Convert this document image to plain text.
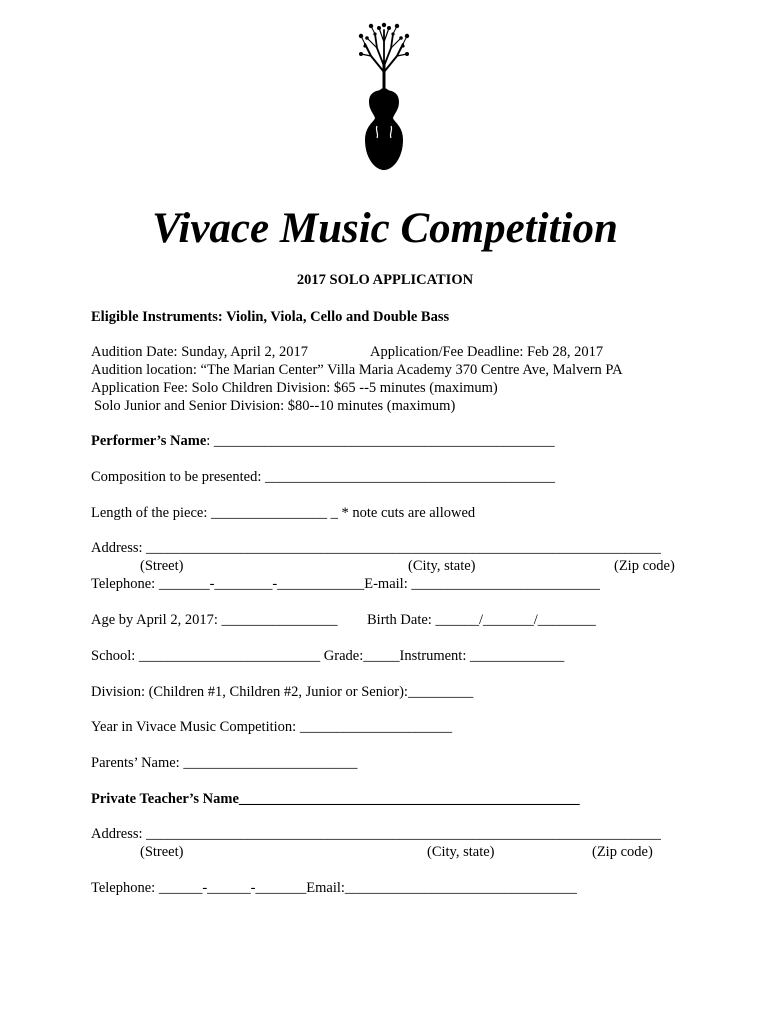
Vivace Music Competition
2017 SOLO APPLICATION
Eligible Instruments: Violin, Viola, Cello and Double Bass
Audition Date: Sunday, April 2, 2017	Application/Fee Deadline: Feb 28, 2017
Audition location: “The Marian Center” Villa Maria Academy 370 Centre Ave, Malvern PA
Application Fee: Solo Children Division: $65 --5 minutes (maximum)
Solo Junior and Senior Division: $80--10 minutes (maximum)
Performer’s Name: _______________________________________________
Composition to be presented: ________________________________________
Length of the piece: ________________ _ * note cuts are allowed
Address: _______________________________________________________________________
(Street)	(City, state)	(Zip code)
Telephone: _______-________-____________E-mail: __________________________
Age by April 2, 2017: ________________ Birth Date: ______/_______/________
School: _________________________ Grade:_____Instrument: _____________
Division: (Children #1, Children #2, Junior or Senior):_________
Year in Vivace Music Competition: _____________________
Parents’ Name: ________________________
Private Teacher’s Name_______________________________________________
Address: _______________________________________________________________________
(Street)	(City, state)	(Zip code)
Telephone: ______-______-_______Email:________________________________
